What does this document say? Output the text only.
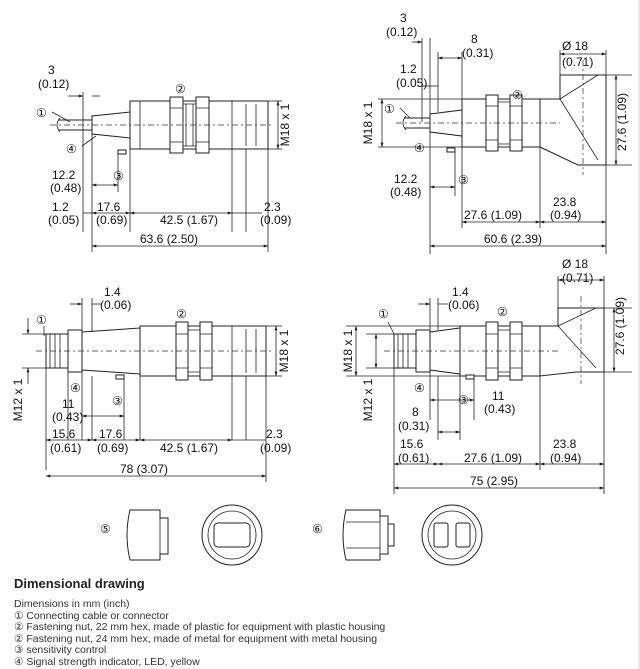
M18 x 1
3
(0.12)
12.2
(0.48)
1.2
(0.05)
17.6
(0.69)	42.5 (1.67)
2.3
(0.09)
63.6 (2.50)
①
②
③
④
M18 x 1
3
(0.12)	8
(0.31)
1.2
(0.05)
Ø 18
(0.71)
27.6 (1.09)
12.2
(0.48)
27.6 (1.09)
23.8
(0.94)
60.6 (2.39)
①
②
③
④
M18 x 1
M12 x 1
1.4
(0.06)
11
(0.43)
15.6
(0.61)
17.6
(0.69)	42.5 (1.67)
2.3
(0.09)
78 (3.07)
①	②
③
④
M18 x 1
M12 x 1
1.4
(0.06)
Ø 18
(0.71)
27.6 (1.09)
11
(0.43)
8
(0.31)
15.6
(0.61)	27.6 (1.09)
23.8
(0.94)
75 (2.95)
①	②
③
④
⑤	⑥
Dimensional drawing
Dimensions in mm (inch)
① Connecting cable or connector
② Fastening nut, 22 mm hex, made of plastic for equipment with plastic housing
② Fastening nut, 24 mm hex, made of metal for equipment with metal housing
③ sensitivity control
④ Signal strength indicator, LED, yellow
